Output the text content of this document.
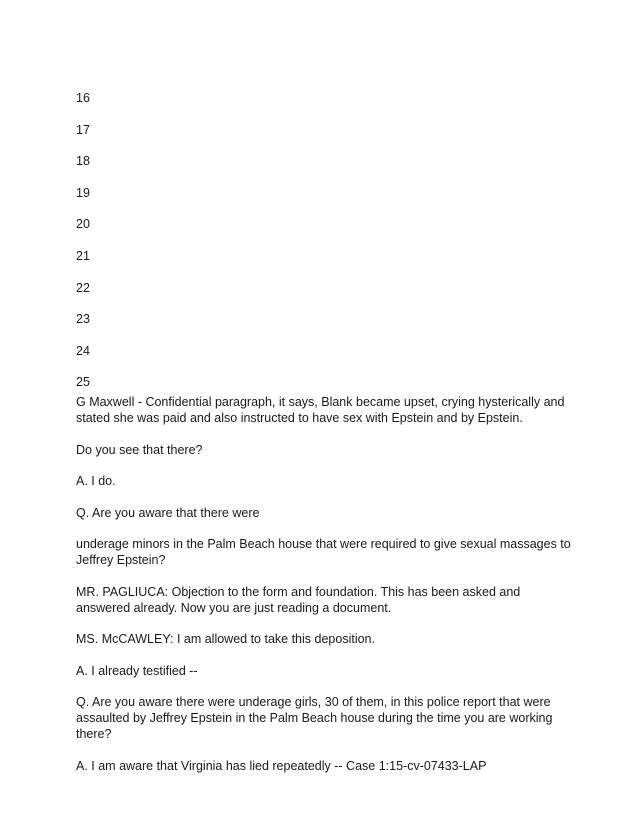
16
17
18
19
20
21
22
23
24
25

G Maxwell - Confidential paragraph, it says, Blank became upset, crying hysterically and stated she was paid and also instructed to have sex with Epstein and by Epstein.

Do you see that there?

A. I do.

Q. Are you aware that there were

underage minors in the Palm Beach house that were required to give sexual massages to Jeffrey Epstein?

MR. PAGLIUCA: Objection to the form and foundation. This has been asked and answered already. Now you are just reading a document.

MS. McCAWLEY: I am allowed to take this deposition.

A. I already testified --

Q. Are you aware there were underage girls, 30 of them, in this police report that were assaulted by Jeffrey Epstein in the Palm Beach house during the time you are working there?

A. I am aware that Virginia has lied repeatedly -- Case 1:15-cv-07433-LAP
